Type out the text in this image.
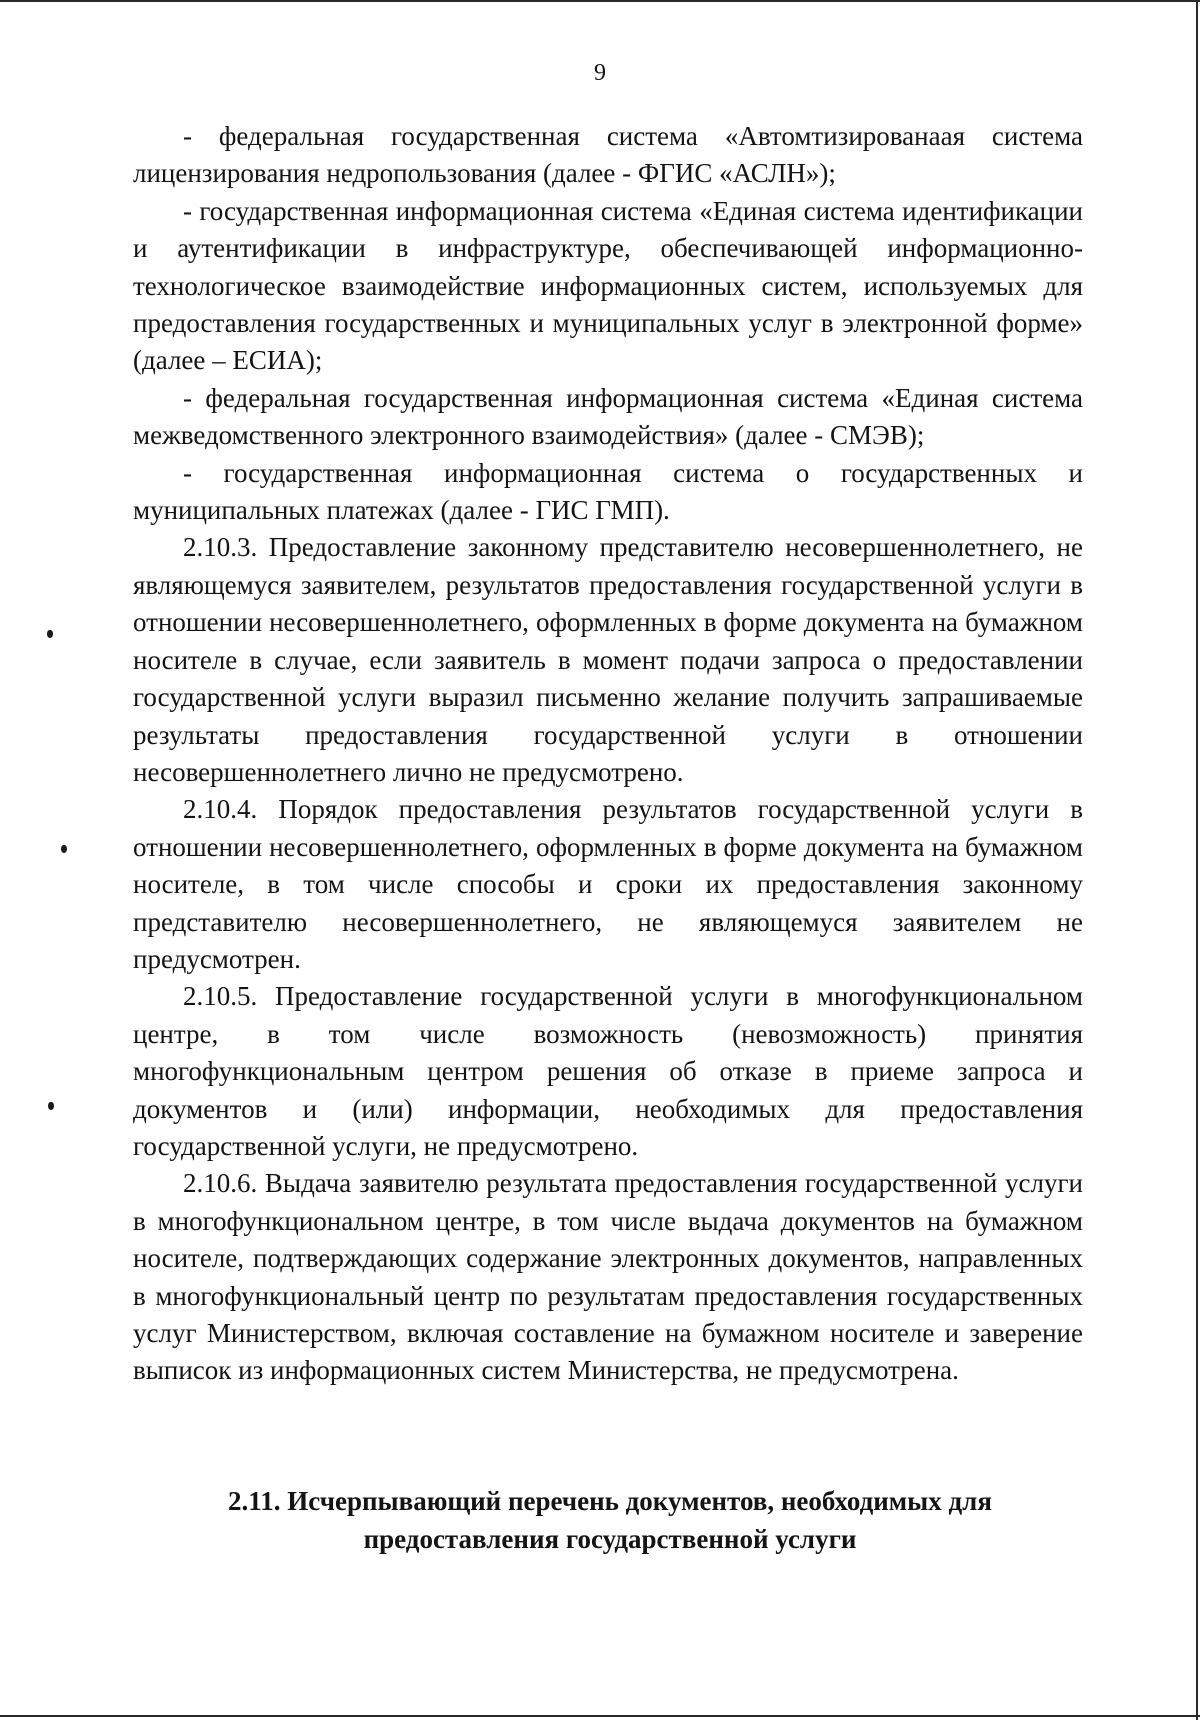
9

- федеральная государственная система «Автомтизированаая система лицензирования недропользования (далее - ФГИС «АСЛН»);

- государственная информационная система «Единая система идентификации и аутентификации в инфраструктуре, обеспечивающей информационно-технологическое взаимодействие информационных систем, используемых для предоставления государственных и муниципальных услуг в электронной форме» (далее – ЕСИА);

- федеральная государственная информационная система «Единая система межведомственного электронного взаимодействия» (далее - СМЭВ);

- государственная информационная система о государственных и муниципальных платежах (далее - ГИС ГМП).

2.10.3. Предоставление законному представителю несовершеннолетнего, не являющемуся заявителем, результатов предоставления государственной услуги в отношении несовершеннолетнего, оформленных в форме документа на бумажном носителе в случае, если заявитель в момент подачи запроса о предоставлении государственной услуги выразил письменно желание получить запрашиваемые результаты предоставления государственной услуги в отношении несовершеннолетнего лично не предусмотрено.

2.10.4. Порядок предоставления результатов государственной услуги в отношении несовершеннолетнего, оформленных в форме документа на бумажном носителе, в том числе способы и сроки их предоставления законному представителю несовершеннолетнего, не являющемуся заявителем не предусмотрен.

2.10.5. Предоставление государственной услуги в многофункциональном центре, в том числе возможность (невозможность) принятия многофункциональным центром решения об отказе в приеме запроса и документов и (или) информации, необходимых для предоставления государственной услуги, не предусмотрено.

2.10.6. Выдача заявителю результата предоставления государственной услуги в многофункциональном центре, в том числе выдача документов на бумажном носителе, подтверждающих содержание электронных документов, направленных в многофункциональный центр по результатам предоставления государственных услуг Министерством, включая составление на бумажном носителе и заверение выписок из информационных систем Министерства, не предусмотрена.

2.11. Исчерпывающий перечень документов, необходимых для
предоставления государственной услуги
